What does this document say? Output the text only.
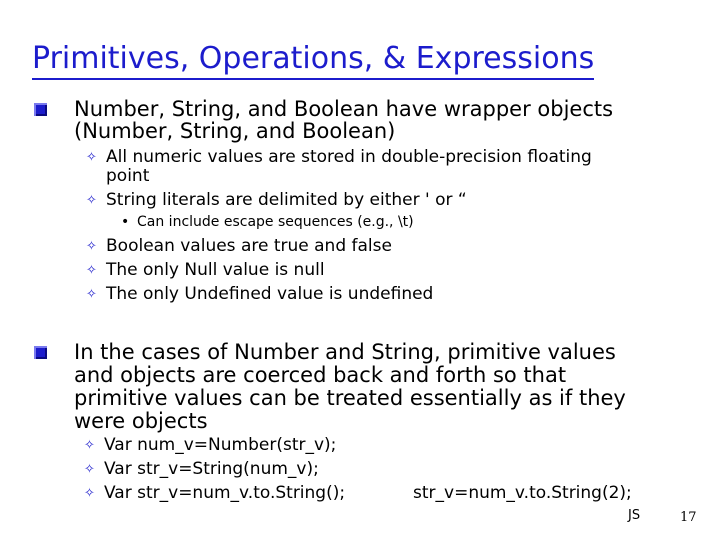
Primitives, Operations, & Expressions
Number, String, and Boolean have wrapper objects
(Number, String, and Boolean)
✧ All numeric values are stored in double-precision floating
point
✧ String literals are delimited by either ' or “
• Can include escape sequences (e.g., \t)
✧ Boolean values are true and false
✧ The only Null value is null
✧ The only Undefined value is undefined
In the cases of Number and String, primitive values
and objects are coerced back and forth so that
primitive values can be treated essentially as if they
were objects
✧ Var num_v=Number(str_v);
✧ Var str_v=String(num_v);
✧ Var str_v=num_v.to.String();	str_v=num_v.to.String(2);
JS	17
